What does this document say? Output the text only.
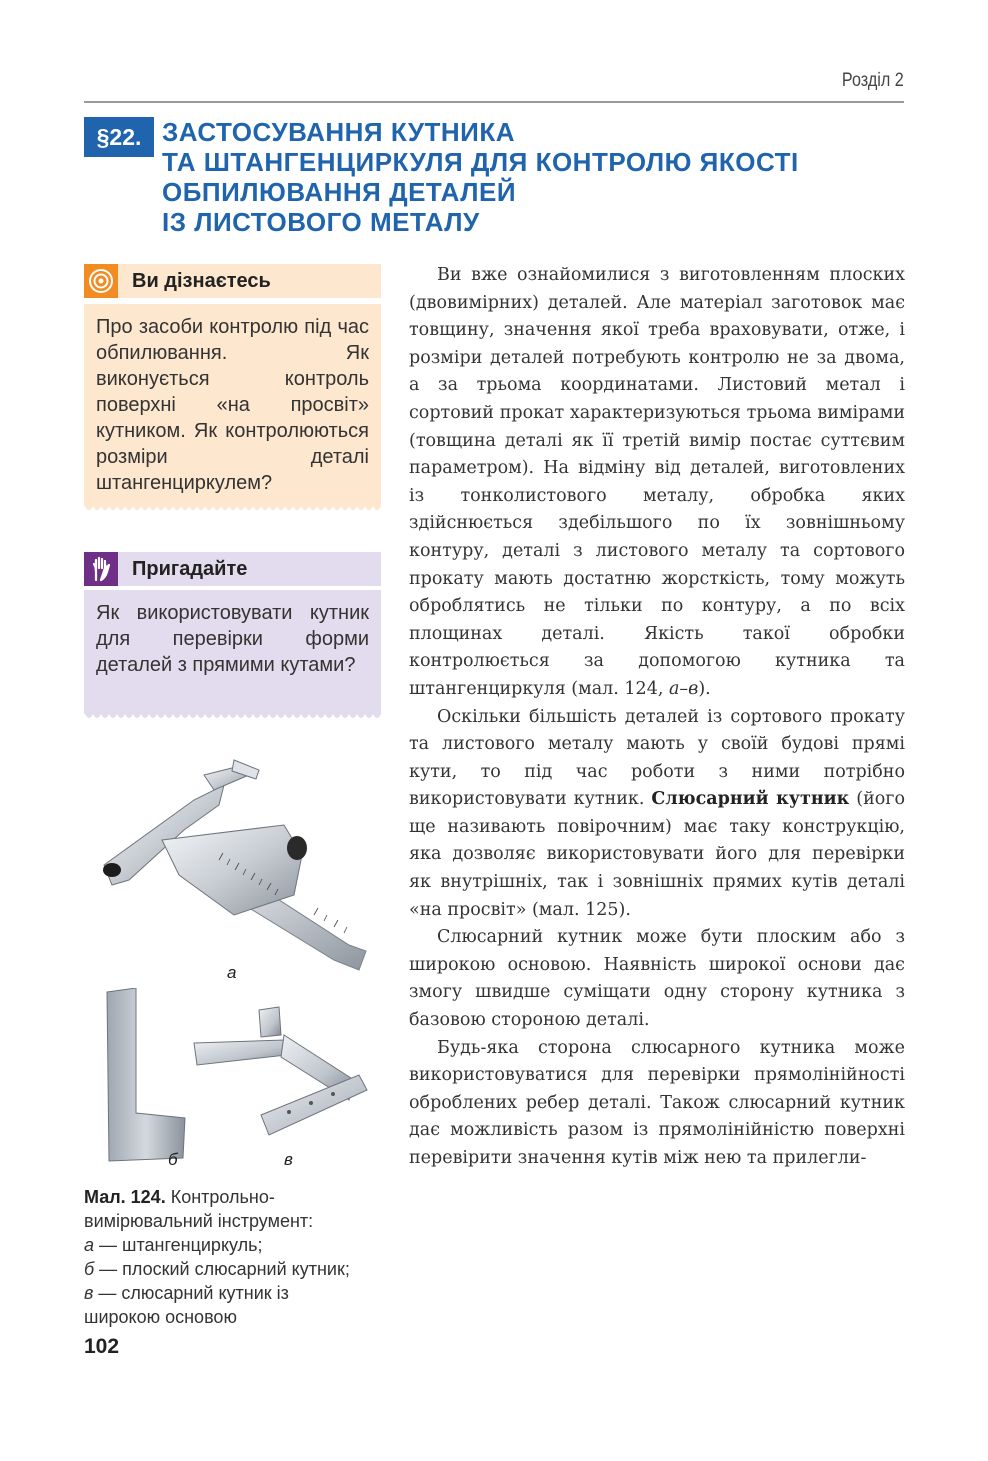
Розділ 2
§22. ЗАСТОСУВАННЯ КУТНИКА
ТА ШТАНГЕНЦИРКУЛЯ ДЛЯ КОНТРОЛЮ ЯКОСТІ
ОБПИЛЮВАННЯ ДЕТАЛЕЙ
ІЗ ЛИСТОВОГО МЕТАЛУ
Ви дізнаєтесь

Про засоби контролю під час обпилювання. Як виконується контроль поверхні «на просвіт» кутником. Як контролюються розміри деталі штангенциркулем?

Пригадайте

Як використовувати кутник для перевірки форми деталей з прямими кутами?

а
б	в

Мал. 124. Контрольно-вимірювальний інструмент:
а — штангенциркуль;
б — плоский слюсарний кутник;
в — слюсарний кутник із широкою основою

102

Ви вже ознайомилися з виготовленням плоских (двовимірних) деталей. Але матеріал заготовок має товщину, значення якої треба враховувати, отже, і розміри деталей потребують контролю не за двома, а за трьома координатами. Листовий метал і сортовий прокат характеризуються трьома вимірами (товщина деталі як її третій вимір постає суттєвим параметром). На відміну від деталей, виготовлених із тонколистового металу, обробка яких здійснюється здебільшого по їх зовнішньому контуру, деталі з листового металу та сортового прокату мають достатню жорсткість, тому можуть оброблятись не тільки по контуру, а по всіх площинах деталі. Якість такої обробки контролюється за допомогою кутника та штангенциркуля (мал. 124, а–в).

Оскільки більшість деталей із сортового прокату та листового металу мають у своїй будові прямі кути, то під час роботи з ними потрібно використовувати кутник. Слюсарний кутник (його ще називають повірочним) має таку конструкцію, яка дозволяє використовувати його для перевірки як внутрішніх, так і зовнішніх прямих кутів деталі «на просвіт» (мал. 125).

Слюсарний кутник може бути плоским або з широкою основою. Наявність широкої основи дає змогу швидше суміщати одну сторону кутника з базовою стороною деталі.

Будь-яка сторона слюсарного кутника може використовуватися для перевірки прямолінійності оброблених ребер деталі. Також слюсарний кутник дає можливість разом із прямолінійністю поверхні перевірити значення кутів між нею та прилегли-
